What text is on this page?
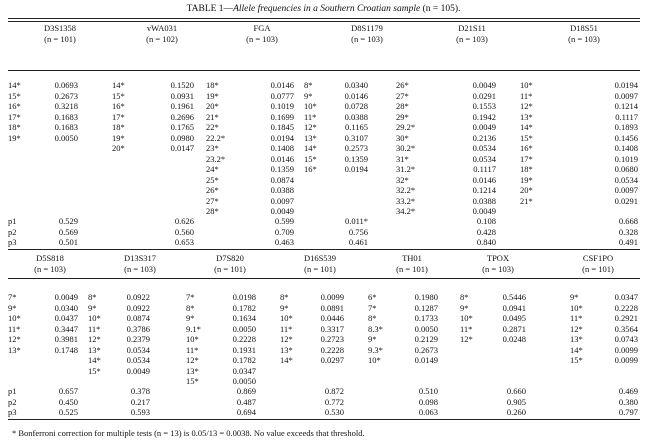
TABLE 1—Allele frequencies in a Southern Croatian sample (n = 105).
D3S1358
(n = 101)
14*
15*
16*
17*
18*
19*
0.0693
0.2673
0.3218
0.1683
0.1683
0.0050
0.529
0.569
0.501
vWA031
(n = 102)
14*
15*
16*
17*
18*
19*
20*
0.1520
0.0931
0.1961
0.2696
0.1765
0.0980
0.0147
0.626
0.560
0.653
FGA
(n = 103)
18*
19*
20*
21*
22*
22.2*
23*
23.2*
24*
25*
26*
27*
28*
0.0146
0.0777
0.1019
0.1699
0.1845
0.0194
0.1408
0.0146
0.1359
0.0874
0.0388
0.0097
0.0049
0.599
0.709
0.463
D8S1179
(n = 103)
8*
9*
10*
11*
12*
13*
14*
15*
16*
0.0340
0.0146
0.0728
0.0388
0.1165
0.3107
0.2573
0.1359
0.0194
0.011*
0.756
0.461
D21S11
(n = 103)
26*
27*
28*
29*
29.2*
30*
30.2*
31*
31.2*
32*
32.2*
33.2*
34.2*
0.0049
0.0291
0.1553
0.1942
0.0049
0.2136
0.0534
0.0534
0.1117
0.0146
0.1214
0.0388
0.0049
0.108
0.428
0.840
D18S51
(n = 103)
10*
11*
12*
13*
14*
15*
16*
17*
18*
19*
20*
21*
0.0194
0.0097
0.1214
0.1117
0.1893
0.1456
0.1408
0.1019
0.0680
0.0534
0.0097
0.0291
0.668
0.328
0.491
p1
p2
p3
D5S818
(n = 103)
7*
9*
10*
11*
12*
13*
0.0049
0.0340
0.0437
0.3447
0.3981
0.1748
0.657
0.450
0.525
D13S317
(n = 103)
8*
9*
10*
11*
12*
13*
14*
15*
0.0922
0.0922
0.0874
0.3786
0.2379
0.0534
0.0534
0.0049
0.378
0.217
0.593
D7S820
(n = 101)
7*
8*
9*
9.1*
10*
11*
12*
13*
15*
0.0198
0.1782
0.1634
0.0050
0.2228
0.1931
0.1782
0.0347
0.0050
0.869
0.487
0.694
D16S539
(n = 101)
8*
9*
10*
11*
12*
13*
14*
0.0099
0.0891
0.0446
0.3317
0.2723
0.2228
0.0297
0.872
0.772
0.530
TH01
(n = 101)
6*
7*
8*
8.3*
9*
9.3*
10*
0.1980
0.1287
0.1733
0.0050
0.2129
0.2673
0.0149
0.510
0.098
0.063
TPOX
(n = 103)
8*
9*
10*
11*
12*
0.5446
0.0941
0.0495
0.2871
0.0248
0.660
0.905
0.260
CSF1PO
(n = 101)
9*
10*
11*
12*
13*
14*
15*
0.0347
0.2228
0.2921
0.3564
0.0743
0.0099
0.0099
0.469
0.380
0.797
p1
p2
p3
* Bonferroni correction for multiple tests (n = 13) is 0.05/13 = 0.0038. No value exceeds that threshold.
